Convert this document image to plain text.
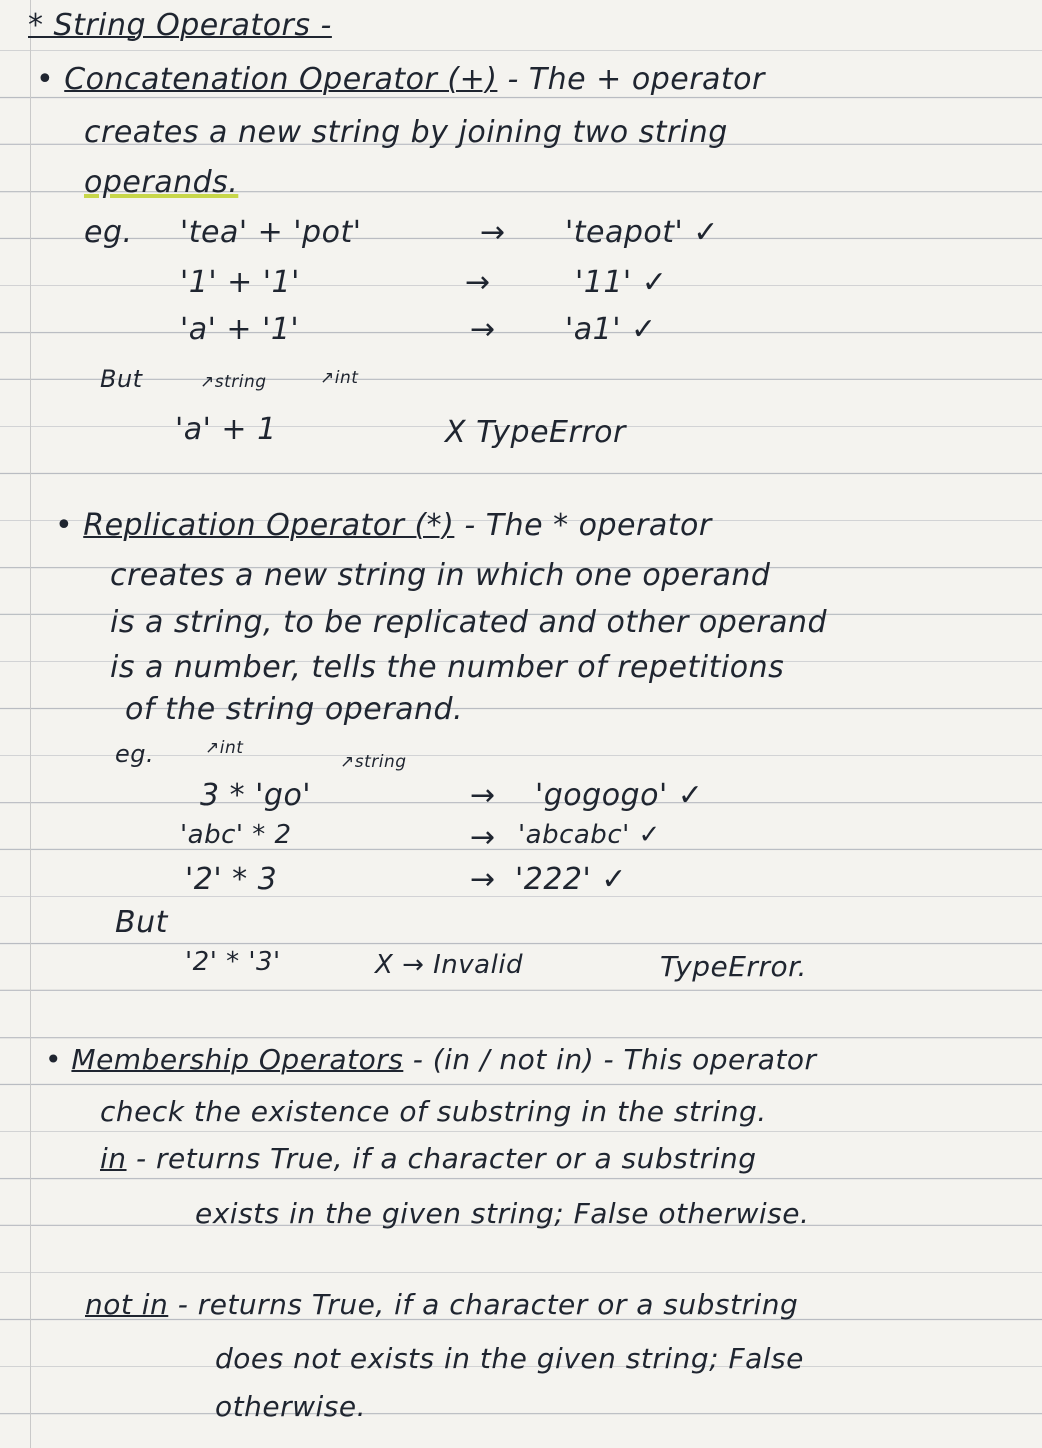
* String Operators -
• Concatenation Operator (+) - The + operator
creates a new string by joining two string
operands.
eg. 'tea' + 'pot'	→ 'teapot' ✓
'1' + '1'	→	'11' ✓
'a' + '1'	→ 'a1' ✓
But	↗string	↗int
'a' + 1	X TypeError
• Replication Operator (*) - The * operator
creates a new string in which one operand
is a string, to be replicated and other operand
is a number, tells the number of repetitions
of the string operand.
eg.	↗int
↗string
3 * 'go'	→ 'gogogo' ✓
'abc' * 2	→ 'abcabc' ✓
'2' * 3	→ '222' ✓
But
'2' * '3'	X → Invalid	TypeError.
• Membership Operators - (in / not in) - This operator
check the existence of substring in the string.
in - returns True, if a character or a substring
exists in the given string; False otherwise.
not in - returns True, if a character or a substring
does not exists in the given string; False
otherwise.
